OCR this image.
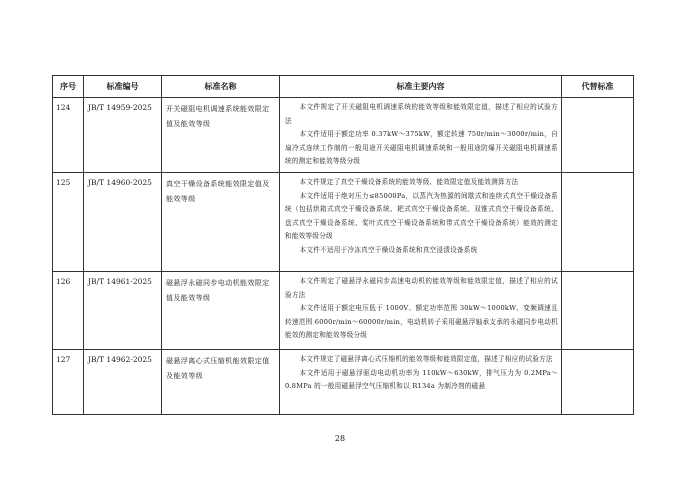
序号	标准编号	标准名称	标准主要内容	代替标准

124	JB/T 14959-2025	开关磁阻电机调速系统能效限定值及能效等级	本文件规定了开关磁阻电机调速系统的能效等级和能效限定值，描述了相应的试验方法

本文件适用于额定功率 0.37kW～375kW，额定转速 750r/min～3000r/min，自扇冷式连续工作制的一般用途开关磁阻电机调速系统和一般用途防爆开关磁阻电机调速系统的测定和能效等级分级	

125	JB/T 14960-2025	真空干燥设备系统能效限定值及能效等级	本文件规定了真空干燥设备系统的能效等级、能效限定值及能效测算方法

本文件适用于绝对压力≤85000Pa，以蒸汽为热源的间歇式和连续式真空干燥设备系统（包括烘箱式真空干燥设备系统、耙式真空干燥设备系统、双锥式真空干燥设备系统、盘式真空干燥设备系统、桨叶式真空干燥设备系统和带式真空干燥设备系统）能效的测定和能效等级分级

本文件不适用于冷冻真空干燥设备系统和真空浸渍设备系统	

126	JB/T 14961-2025	磁悬浮永磁同步电动机能效限定值及能效等级	本文件规定了磁悬浮永磁同步高速电动机的能效等级和能效限定值，描述了相应的试验方法

本文件适用于额定电压低于 1000V、额定功率范围 30kW～1000kW、变频调速且转速范围 6000r/min～60000r/min，电动机转子采用磁悬浮轴承支承的永磁同步电动机能效的测定和能效等级分级	

127	JB/T 14962-2025	磁悬浮离心式压缩机能效限定值及能效等级	本文件规定了磁悬浮离心式压缩机的能效等级和能效限定值，描述了相应的试验方法

本文件适用于磁悬浮驱动电动机功率为 110kW～630kW，排气压力为 0.2MPa～0.8MPa 的一般用磁悬浮空气压缩机和以 R134a 为制冷剂的磁悬	

28
